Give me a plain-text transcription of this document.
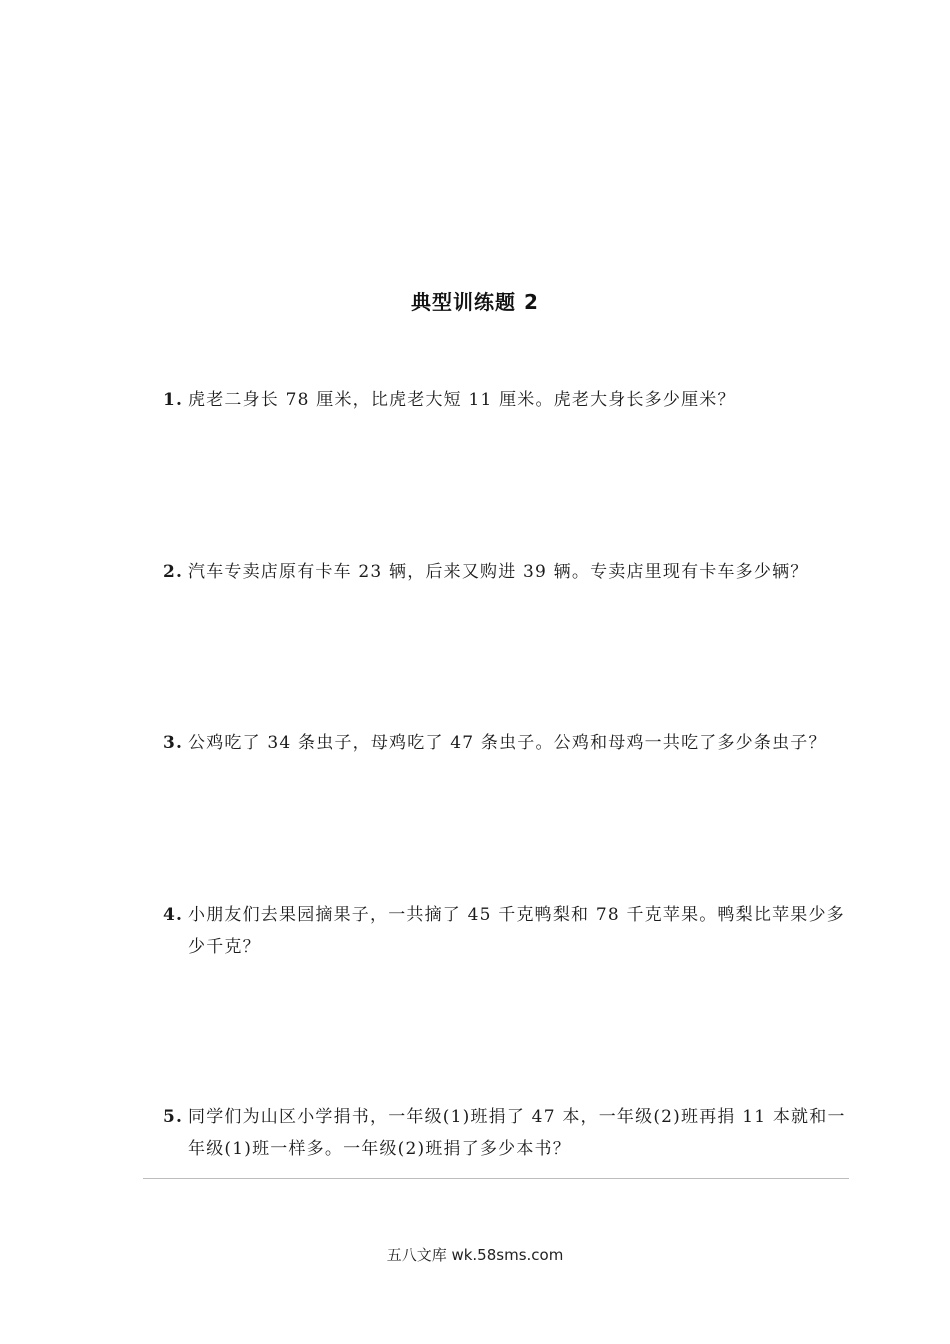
典型训练题 2
1. 虎老二身长 78 厘米，比虎老大短 11 厘米。虎老大身长多少厘米？
2. 汽车专卖店原有卡车 23 辆，后来又购进 39 辆。专卖店里现有卡车多少辆？
3. 公鸡吃了 34 条虫子，母鸡吃了 47 条虫子。公鸡和母鸡一共吃了多少条虫子？
4. 小朋友们去果园摘果子，一共摘了 45 千克鸭梨和 78 千克苹果。鸭梨比苹果少多少千克？
5. 同学们为山区小学捐书，一年级(1)班捐了 47 本，一年级(2)班再捐 11 本就和一年级(1)班一样多。一年级(2)班捐了多少本书？
五八文库 wk.58sms.com
